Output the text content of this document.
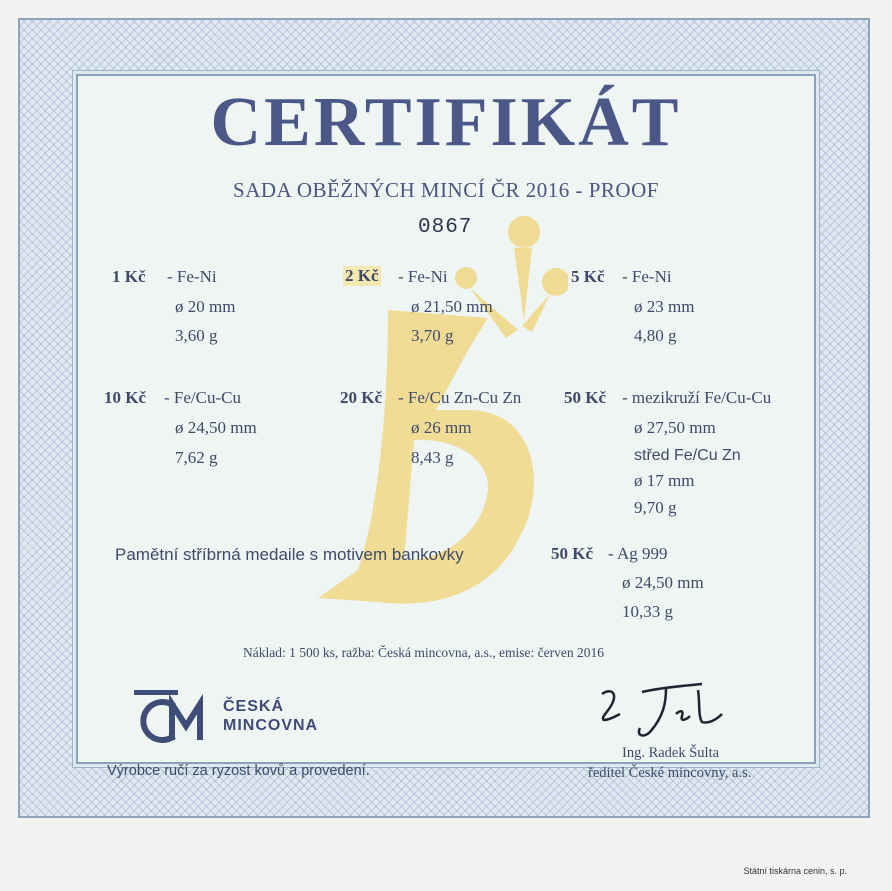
CERTIFIKÁT
SADA OBĚŽNÝCH MINCÍ ČR 2016 - PROOF
0867
1 Kč - Fe-Ni
ø 20 mm
3,60 g
2 Kč - Fe-Ni
ø 21,50 mm
3,70 g
5 Kč - Fe-Ni
ø 23 mm
4,80 g
10 Kč - Fe/Cu-Cu
ø 24,50 mm
7,62 g
20 Kč - Fe/Cu Zn-Cu Zn
ø 26 mm
8,43 g
50 Kč - mezikruží Fe/Cu-Cu
ø 27,50 mm
střed Fe/Cu Zn
ø 17 mm
9,70 g
Pamětní stříbrná medaile s motivem bankovky	50 Kč - Ag 999
ø 24,50 mm
10,33 g
Náklad: 1 500 ks, ražba: Česká mincovna, a.s., emise: červen 2016
ČESKÁ
MINCOVNA
Výrobce ručí za ryzost kovů a provedení.
Ing. Radek Šulta
ředitel České mincovny, a.s.
Státní tiskárna cenin, s. p.
